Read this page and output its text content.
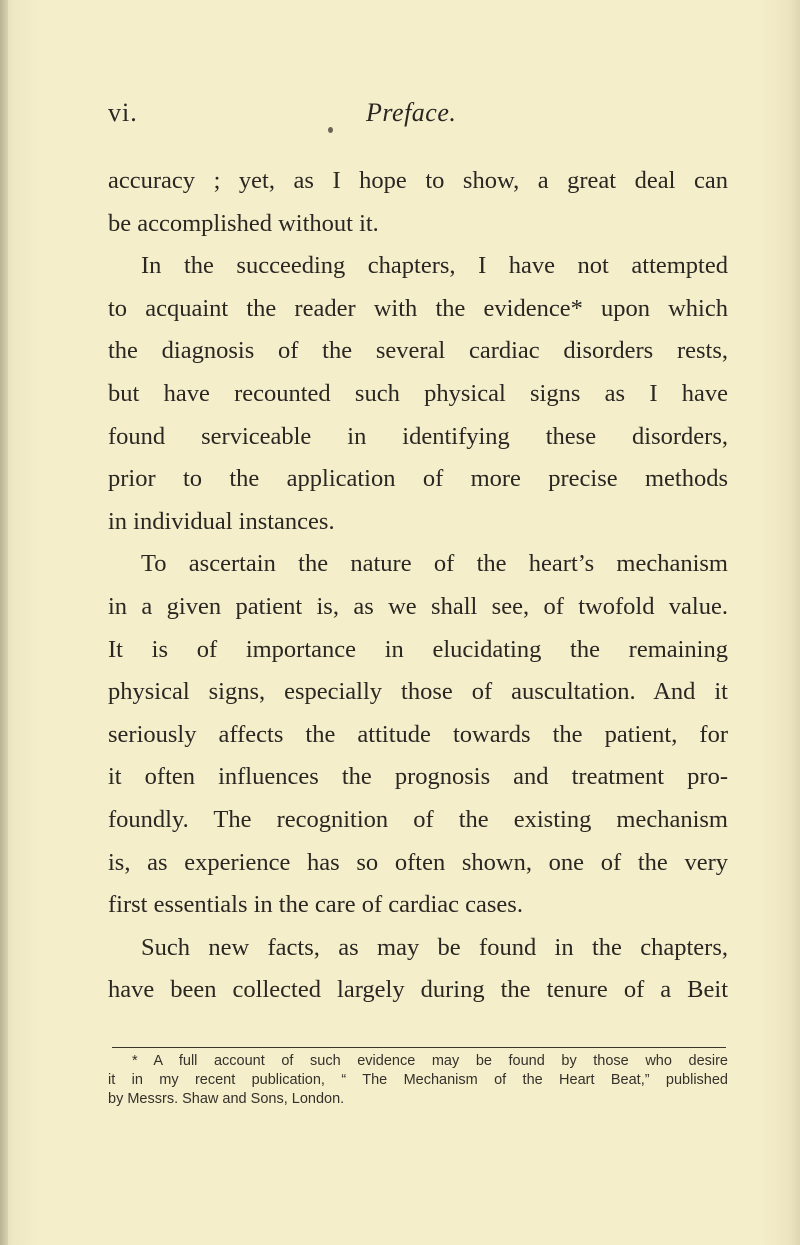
vi.	Preface.
accuracy ; yet, as I hope to show, a great deal can
be accomplished without it.
In the succeeding chapters, I have not attempted
to acquaint the reader with the evidence* upon which
the diagnosis of the several cardiac disorders rests,
but have recounted such physical signs as I have
found serviceable in identifying these disorders,
prior to the application of more precise methods
in individual instances.
To ascertain the nature of the heart’s mechanism
in a given patient is, as we shall see, of twofold value.
It is of importance in elucidating the remaining
physical signs, especially those of auscultation. And it
seriously affects the attitude towards the patient, for
it often influences the prognosis and treatment pro-
foundly. The recognition of the existing mechanism
is, as experience has so often shown, one of the very
first essentials in the care of cardiac cases.
Such new facts, as may be found in the chapters,
have been collected largely during the tenure of a Beit
* A full account of such evidence may be found by those who desire
it in my recent publication, “ The Mechanism of the Heart Beat,” published
by Messrs. Shaw and Sons, London.
